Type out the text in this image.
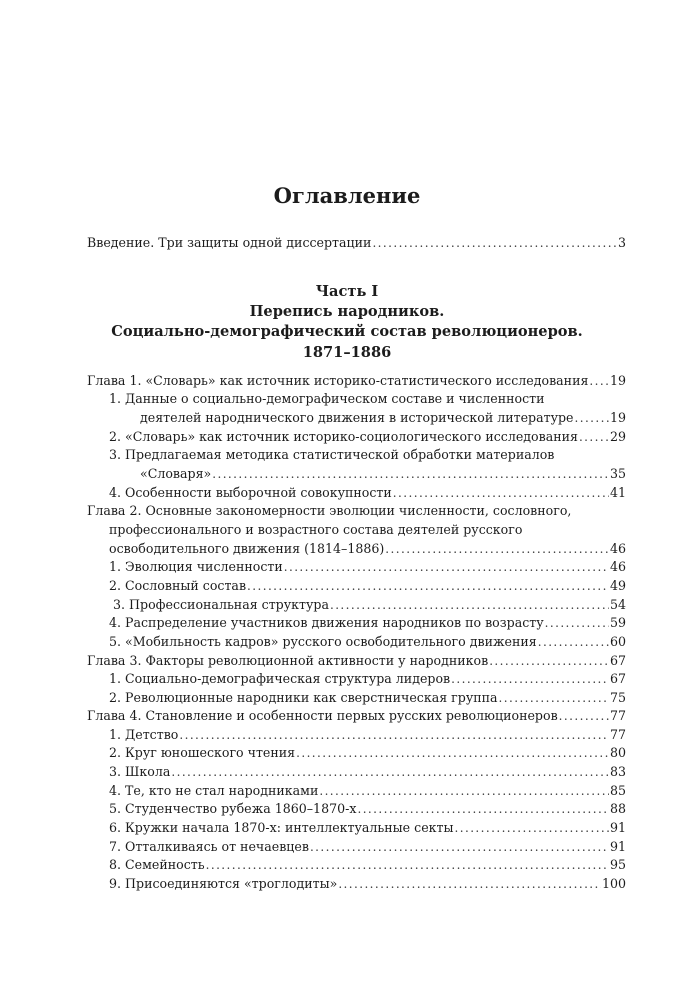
Оглавление
Введение. Три защиты одной диссертации . . .	3
Часть I
Перепись народников.
Социально-демографический состав революционеров.
1871–1886
Глава 1. «Словарь» как источник историко-статистического исследования . . . 19
1. Данные о социально-демографическом составе и численности
деятелей народнического движения в исторической литературе . . .	19
2. «Словарь» как источник историко-социологического исследования . . .	29
3. Предлагаемая методика статистической обработки материалов
«Словаря» . . .	35
4. Особенности выборочной совокупности . . .	41
Глава 2. Основные закономерности эволюции численности, сословного,
профессионального и возрастного состава деятелей русского
освободительного движения (1814–1886) . . .	46
1. Эволюция численности . . .	46
2. Сословный состав . . .	49
3. Профессиональная структура . . .	54
4. Распределение участников движения народников по возрасту . . .	59
5. «Мобильность кадров» русского освободительного движения . . .	60
Глава 3. Факторы революционной активности у народников . . .	67
1. Социально-демографическая структура лидеров . . .	67
2. Революционные народники как сверстническая группа . . .	75
Глава 4. Становление и особенности первых русских революционеров . . .	77
1. Детство . . .	77
2. Круг юношеского чтения . . .	80
3. Школа . . .	83
4. Те, кто не стал народниками . . .	85
5. Студенчество рубежа 1860–1870-х . . .	88
6. Кружки начала 1870-х: интеллектуальные секты . . .	91
7. Отталкиваясь от нечаевцев . . .	91
8. Семейность . . .	95
9. Присоединяются «троглодиты» . . .	100
